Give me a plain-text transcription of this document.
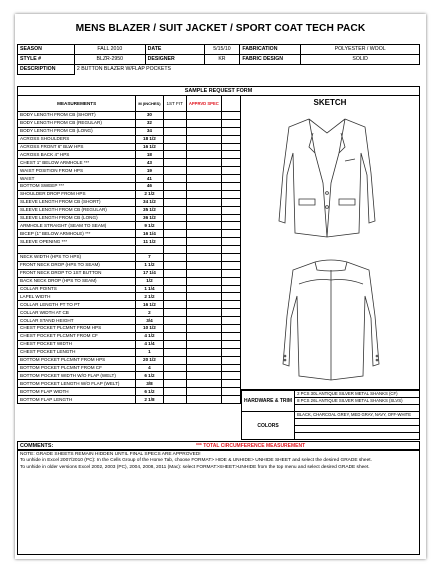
MENS BLAZER / SUIT JACKET / SPORT COAT TECH PACK
SEASON	FALL 2010	DATE	5/15/10	FABRICATION	POLYESTER / WOOL
STYLE #	BLZR-2950	DESIGNER	KR	FABRIC DESIGN	SOLID
DESCRIPTION	2 BUTTON BLAZER W/FLAP POCKETS				
SAMPLE REQUEST FORM
MEASUREMENTS	M (INCHES)	1ST FIT	APPRVD SPEC	
BODY LENGTH FROM CB (SHORT)	30			
BODY LENGTH FROM CB (REGULAR)	32			
BODY LENGTH FROM CB (LONG)	34			
ACROSS SHOULDERS	18 1/2			
ACROSS FRONT 6" BLW HPS	16 1/2			
ACROSS BACK 4" HPS	18			
CHEST 1" BELOW ARMHOLE ***	43			
WAIST POSITION FROM HPS	19			
WAIST	41			
BOTTOM SWEEP ***	46			
SHOULDER DROP FROM HPS	2 1/2			
SLEEVE LENGTH FROM CB (SHORT)	34 1/2			
SLEEVE LENGTH FROM CB (REGULAR)	35 1/2			
SLEEVE LENGTH FROM CB (LONG)	36 1/2			
ARMHOLE STRAIGHT (SEAM TO SEAM)	9 1/2			
BICEP (1" BELOW ARMHOLE) ***	16 1/4			
SLEEVE OPENING ***	11 1/2			

NECK WIDTH (HPS TO HPS)	7			
FRONT NECK DROP (HPS TO SEAM)	1 1/2			
FRONT NECK DROP TO 1ST BUTTON	17 1/4			
BACK NECK DROP (HPS TO SEAM)	1/2			
COLLAR POINTS	1 1/4			
LAPEL WIDTH	2 1/2			
COLLAR LENGTH PT TO PT	16 1/2			
COLLAR WIDTH AT CB	2			
COLLAR STAND HEIGHT	3/4			
CHEST POCKET PLCMNT FROM HPS	10 1/2			
CHEST POCKET PLCMNT FROM CF	4 1/2			
CHEST POCKET WIDTH	4 1/4			
CHEST POCKET LENGTH	1			
BOTTOM POCKET PLCMNT FROM HPS	20 1/2			
BOTTOM POCKET PLCMNT FROM CF	4			
BOTTOM POCKET WIDTH W/O FLAP (WELT)	6 1/2			
BOTTOM POCKET LENGTH W/O FLAP (WELT)	3/8			
BOTTOM FLAP WIDTH	6 1/2			
BOTTOM FLAP LENGTH	2 1/8			
SKETCH
HARDWARE & TRIM	2 PCS 30L ANTIQUE SILVER METAL SHANKS (CF)
	8 PCS 26L ANTIQUE SILVER METAL SHANKS (SLVS)

COLORS	BLACK, CHARCOAL GREY, MED GRAY, NAVY, OFF-WHITE

COMMENTS:	*** TOTAL CIRCUMFERENCE MEASUREMENT
NOTE: GRADE SHEETS REMAIN HIDDEN UNTIL FINAL SPECS ARE APPROVED!
To unhide in Excel 2007/2010 (PC): In the Cells Group of the Home Tab, choose FORMAT> HIDE & UNHIDE> UNHIDE SHEET and select the desired GRADE sheet.
To unhide in older versions Excel 2002, 2003 (PC), 2004, 2008, 2011 (Mac): select FORMAT>SHEET>UNHIDE from the top menu and select desired GRADE sheet.
